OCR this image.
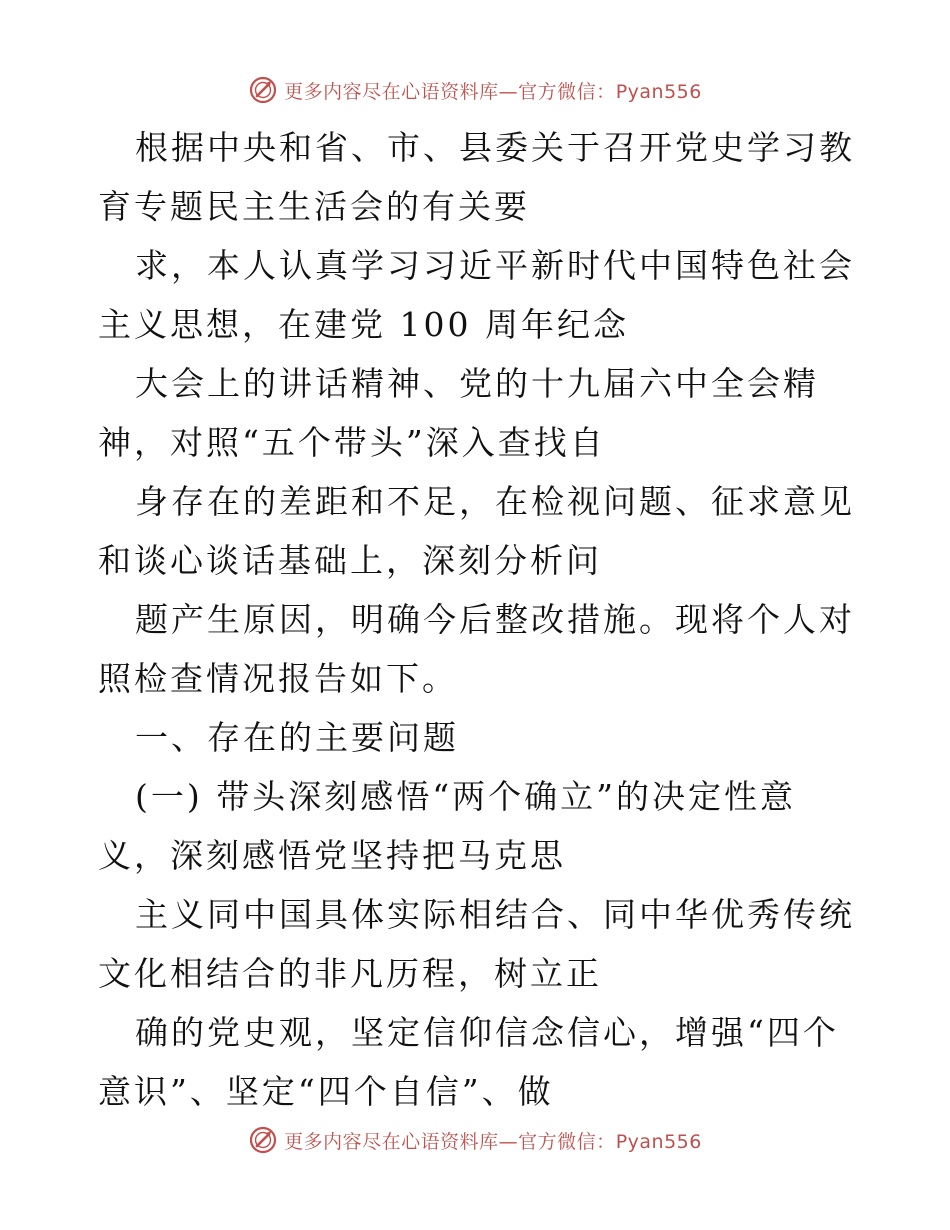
更多内容尽在心语资料库—官方微信：Pyan556

根据中央和省、市、县委关于召开党史学习教育专题民主生活会的有关要

求，本人认真学习习近平新时代中国特色社会主义思想，在建党 100 周年纪念

大会上的讲话精神、党的十九届六中全会精神，对照“五个带头”深入查找自

身存在的差距和不足，在检视问题、征求意见和谈心谈话基础上，深刻分析问

题产生原因，明确今后整改措施。现将个人对照检查情况报告如下。

一、存在的主要问题

(一) 带头深刻感悟“两个确立”的决定性意义，深刻感悟党坚持把马克思

主义同中国具体实际相结合、同中华优秀传统文化相结合的非凡历程，树立正

确的党史观，坚定信仰信念信心，增强“四个意识”、坚定“四个自信”、做

更多内容尽在心语资料库—官方微信：Pyan556
